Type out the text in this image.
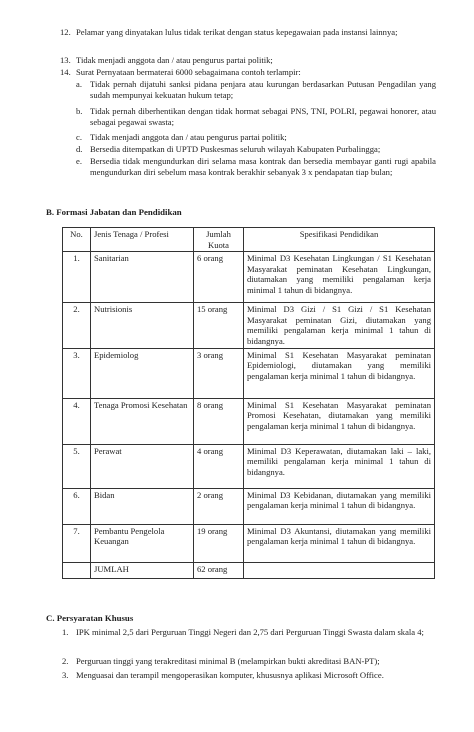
12. Pelamar yang dinyatakan lulus tidak terikat dengan status kepegawaian pada instansi lainnya;
13. Tidak menjadi anggota dan / atau pengurus partai politik;
14. Surat Pernyataan bermaterai 6000 sebagaimana contoh terlampir:
a. Tidak pernah dijatuhi sanksi pidana penjara atau kurungan berdasarkan Putusan Pengadilan yang sudah mempunyai kekuatan hukum tetap;
b. Tidak pernah diberhentikan dengan tidak hormat sebagai PNS, TNI, POLRI, pegawai honorer, atau sebagai pegawai swasta;
c. Tidak menjadi anggota dan / atau pengurus partai politik;
d. Bersedia ditempatkan di UPTD Puskesmas seluruh wilayah Kabupaten Purbalingga;
e. Bersedia tidak mengundurkan diri selama masa kontrak dan bersedia membayar ganti rugi apabila mengundurkan diri sebelum masa kontrak berakhir sebanyak 3 x pendapatan tiap bulan;
B. Formasi Jabatan dan Pendidikan
No.	Jenis Tenaga / Profesi	Jumlah Kuota	Spesifikasi Pendidikan
1.	Sanitarian	6 orang	Minimal D3 Kesehatan Lingkungan / S1 Kesehatan Masyarakat peminatan Kesehatan Lingkungan, diutamakan yang memiliki pengalaman kerja minimal 1 tahun di bidangnya.
2.	Nutrisionis	15 orang	Minimal D3 Gizi / S1 Gizi / S1 Kesehatan Masyarakat peminatan Gizi, diutamakan yang memiliki pengalaman kerja minimal 1 tahun di bidangnya.
3.	Epidemiolog	3 orang	Minimal S1 Kesehatan Masyarakat peminatan Epidemiologi, diutamakan yang memiliki pengalaman kerja minimal 1 tahun di bidangnya.
4.	Tenaga Promosi Kesehatan	8 orang	Minimal S1 Kesehatan Masyarakat peminatan Promosi Kesehatan, diutamakan yang memiliki pengalaman kerja minimal 1 tahun di bidangnya.
5.	Perawat	4 orang	Minimal D3 Keperawatan, diutamakan laki – laki, memiliki pengalaman kerja minimal 1 tahun di bidangnya.
6.	Bidan	2 orang	Minimal D3 Kebidanan, diutamakan yang memiliki pengalaman kerja minimal 1 tahun di bidangnya.
7.	Pembantu Pengelola Keuangan	19 orang	Minimal D3 Akuntansi, diutamakan yang memiliki pengalaman kerja minimal 1 tahun di bidangnya.
	JUMLAH	62 orang	
C. Persyaratan Khusus
1. IPK minimal 2,5 dari Perguruan Tinggi Negeri dan 2,75 dari Perguruan Tinggi Swasta dalam skala 4;
2. Perguruan tinggi yang terakreditasi minimal B (melampirkan bukti akreditasi BAN-PT);
3. Menguasai dan terampil mengoperasikan komputer, khususnya aplikasi Microsoft Office.
